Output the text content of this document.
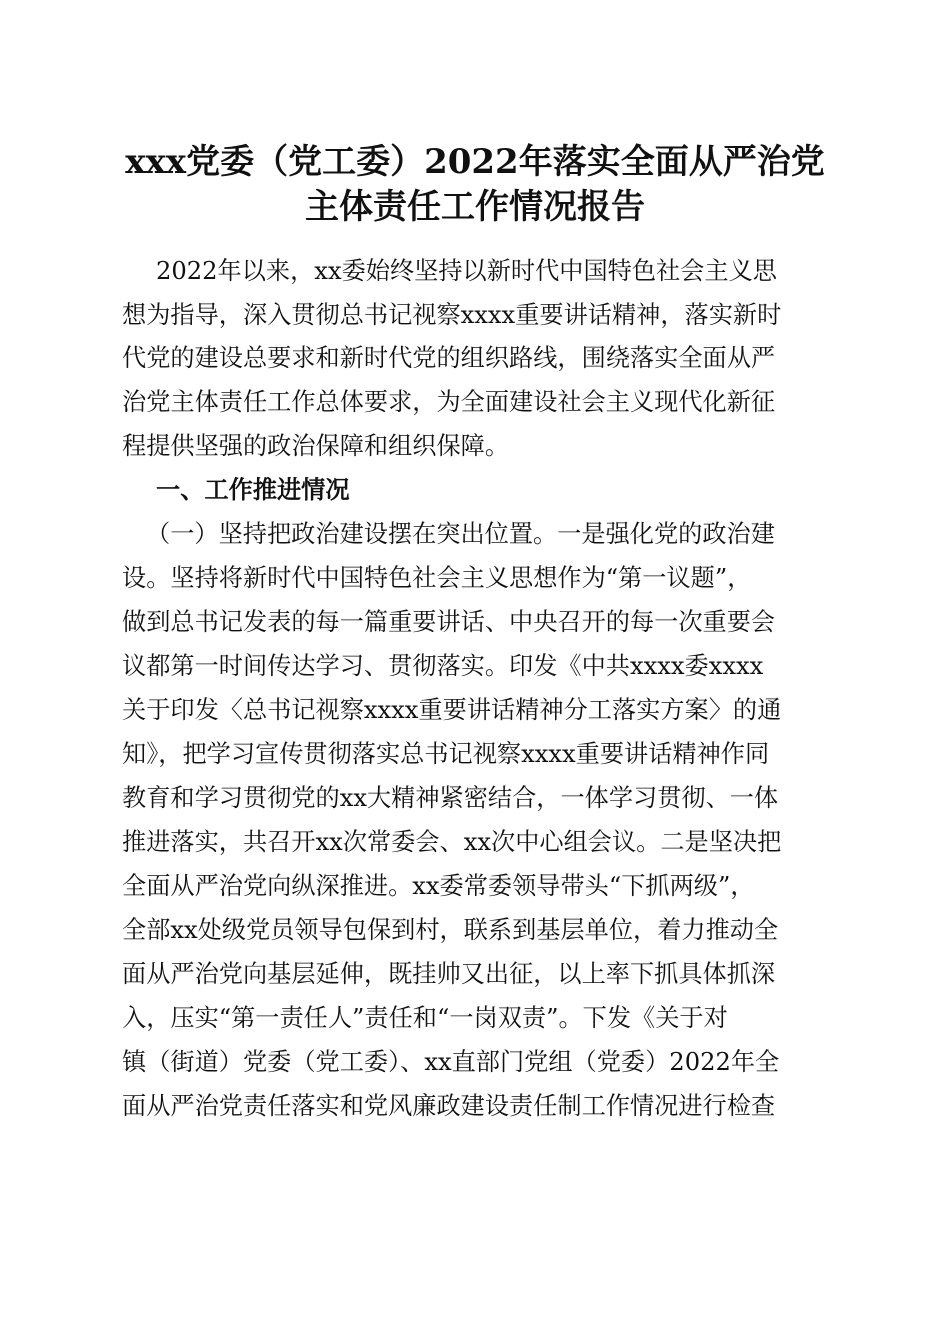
xxx党委（党工委）2022年落实全面从严治党
主体责任工作情况报告

2022年以来，xx委始终坚持以新时代中国特色社会主义思

想为指导，深入贯彻总书记视察xxxx重要讲话精神，落实新时

代党的建设总要求和新时代党的组织路线，围绕落实全面从严

治党主体责任工作总体要求，为全面建设社会主义现代化新征

程提供坚强的政治保障和组织保障。

一、工作推进情况

（一）坚持把政治建设摆在突出位置。一是强化党的政治建

设。坚持将新时代中国特色社会主义思想作为“第一议题”，

做到总书记发表的每一篇重要讲话、中央召开的每一次重要会

议都第一时间传达学习、贯彻落实。印发《中共xxxx委xxxx

关于印发〈总书记视察xxxx重要讲话精神分工落实方案〉的通

知》，把学习宣传贯彻落实总书记视察xxxx重要讲话精神作同

教育和学习贯彻党的xx大精神紧密结合，一体学习贯彻、一体

推进落实，共召开xx次常委会、xx次中心组会议。二是坚决把

全面从严治党向纵深推进。xx委常委领导带头“下抓两级”，

全部xx处级党员领导包保到村，联系到基层单位，着力推动全

面从严治党向基层延伸，既挂帅又出征，以上率下抓具体抓深

入，压实“第一责任人”责任和“一岗双责”。下发《关于对

镇（街道）党委（党工委）、xx直部门党组（党委）2022年全

面从严治党责任落实和党风廉政建设责任制工作情况进行检查
